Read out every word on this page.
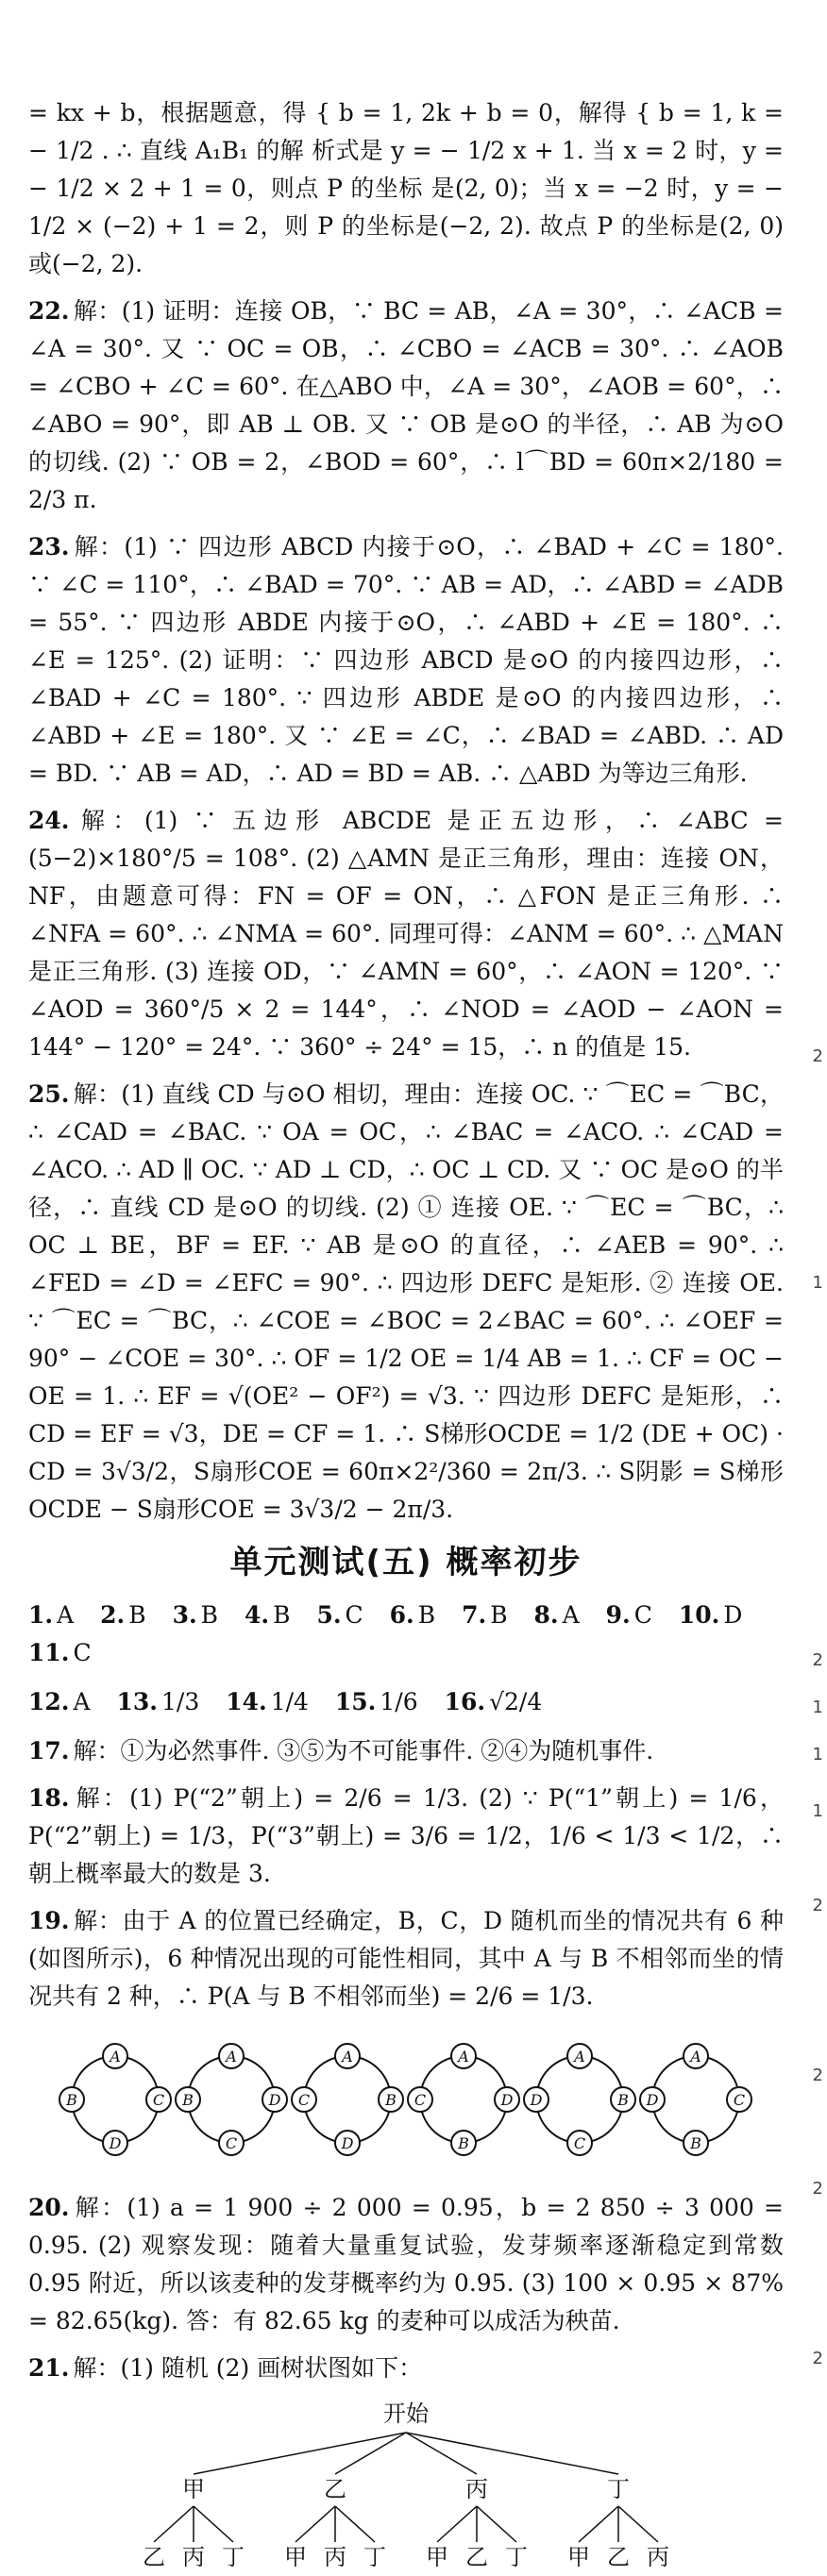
= kx + b，根据题意，得 { b = 1, 2k + b = 0，解得 { b = 1, k = − 1/2 . ∴ 直线 A₁B₁ 的解 析式是 y = − 1/2 x + 1. 当 x = 2 时，y = − 1/2 × 2 + 1 = 0，则点 P 的坐标 是(2, 0)；当 x = −2 时，y = − 1/2 × (−2) + 1 = 2，则 P 的坐标是(−2, 2). 故点 P 的坐标是(2, 0)或(−2, 2).

22. 解：(1) 证明：连接 OB，∵ BC = AB，∠A = 30°，∴ ∠ACB = ∠A = 30°. 又 ∵ OC = OB，∴ ∠CBO = ∠ACB = 30°. ∴ ∠AOB = ∠CBO + ∠C = 60°. 在△ABO 中，∠A = 30°，∠AOB = 60°，∴ ∠ABO = 90°，即 AB ⊥ OB. 又 ∵ OB 是⊙O 的半径，∴ AB 为⊙O 的切线. (2) ∵ OB = 2，∠BOD = 60°，∴ l⌒BD = 60π×2/180 = 2/3 π.

23. 解：(1) ∵ 四边形 ABCD 内接于⊙O，∴ ∠BAD + ∠C = 180°. ∵ ∠C = 110°，∴ ∠BAD = 70°. ∵ AB = AD，∴ ∠ABD = ∠ADB = 55°. ∵ 四边形 ABDE 内接于⊙O，∴ ∠ABD + ∠E = 180°. ∴ ∠E = 125°. (2) 证明：∵ 四边形 ABCD 是⊙O 的内接四边形，∴ ∠BAD + ∠C = 180°. ∵ 四边形 ABDE 是⊙O 的内接四边形，∴ ∠ABD + ∠E = 180°. 又 ∵ ∠E = ∠C，∴ ∠BAD = ∠ABD. ∴ AD = BD. ∵ AB = AD，∴ AD = BD = AB. ∴ △ABD 为等边三角形.

24. 解：(1) ∵ 五边形 ABCDE 是正五边形，∴ ∠ABC = (5−2)×180°/5 = 108°. (2) △AMN 是正三角形，理由：连接 ON，NF，由题意可得：FN = OF = ON，∴ △FON 是正三角形. ∴ ∠NFA = 60°. ∴ ∠NMA = 60°. 同理可得：∠ANM = 60°. ∴ △MAN 是正三角形. (3) 连接 OD，∵ ∠AMN = 60°，∴ ∠AON = 120°. ∵ ∠AOD = 360°/5 × 2 = 144°，∴ ∠NOD = ∠AOD − ∠AON = 144° − 120° = 24°. ∵ 360° ÷ 24° = 15，∴ n 的值是 15.

25. 解：(1) 直线 CD 与⊙O 相切，理由：连接 OC. ∵ ⌒EC = ⌒BC，∴ ∠CAD = ∠BAC. ∵ OA = OC，∴ ∠BAC = ∠ACO. ∴ ∠CAD = ∠ACO. ∴ AD ∥ OC. ∵ AD ⊥ CD，∴ OC ⊥ CD. 又 ∵ OC 是⊙O 的半径，∴ 直线 CD 是⊙O 的切线. (2) ① 连接 OE. ∵ ⌒EC = ⌒BC，∴ OC ⊥ BE，BF = EF. ∵ AB 是⊙O 的直径，∴ ∠AEB = 90°. ∴ ∠FED = ∠D = ∠EFC = 90°. ∴ 四边形 DEFC 是矩形. ② 连接 OE. ∵ ⌒EC = ⌒BC，∴ ∠COE = ∠BOC = 2∠BAC = 60°. ∴ ∠OEF = 90° − ∠COE = 30°. ∴ OF = 1/2 OE = 1/4 AB = 1. ∴ CF = OC − OE = 1. ∴ EF = √(OE² − OF²) = √3. ∵ 四边形 DEFC 是矩形，∴ CD = EF = √3，DE = CF = 1. ∴ S梯形OCDE = 1/2 (DE + OC) · CD = 3√3/2，S扇形COE = 60π×2²/360 = 2π/3. ∴ S阴影 = S梯形OCDE − S扇形COE = 3√3/2 − 2π/3.

单元测试(五) 概率初步
1. A 2. B 3. B 4. B 5. C 6. B 7. B 8. A 9. C 10. D 11. C
12. A 13. 1/3 14. 1/4 15. 1/6 16. √2/4

17. 解：①为必然事件. ③⑤为不可能事件. ②④为随机事件.

18. 解：(1) P(“2”朝上) = 2/6 = 1/3. (2) ∵ P(“1”朝上) = 1/6，P(“2”朝上) = 1/3，P(“3”朝上) = 3/6 = 1/2，1/6 < 1/3 < 1/2，∴ 朝上概率最大的数是 3.

19. 解：由于 A 的位置已经确定，B，C，D 随机而坐的情况共有 6 种(如图所示)，6 种情况出现的可能性相同，其中 A 与 B 不相邻而坐的情况共有 2 种，∴ P(A 与 B 不相邻而坐) = 2/6 = 1/3.

A
B	C
D
A
B	D
C
A
C	B
D
A
C	D
B
A
D	B
C
A
D	C
B

20. 解：(1) a = 1 900 ÷ 2 000 = 0.95，b = 2 850 ÷ 3 000 = 0.95. (2) 观察发现：随着大量重复试验，发芽频率逐渐稳定到常数 0.95 附近，所以该麦种的发芽概率约为 0.95. (3) 100 × 0.95 × 87% = 82.65(kg). 答：有 82.65 kg 的麦种可以成活为秧苗.

21. 解：(1) 随机 (2) 画树状图如下：

开始
甲
乙 丙 丁
乙
甲 丙 丁
丙
甲 乙 丁
丁
甲 乙 丙
2
1
2
1
1
1
2
2
2
2
